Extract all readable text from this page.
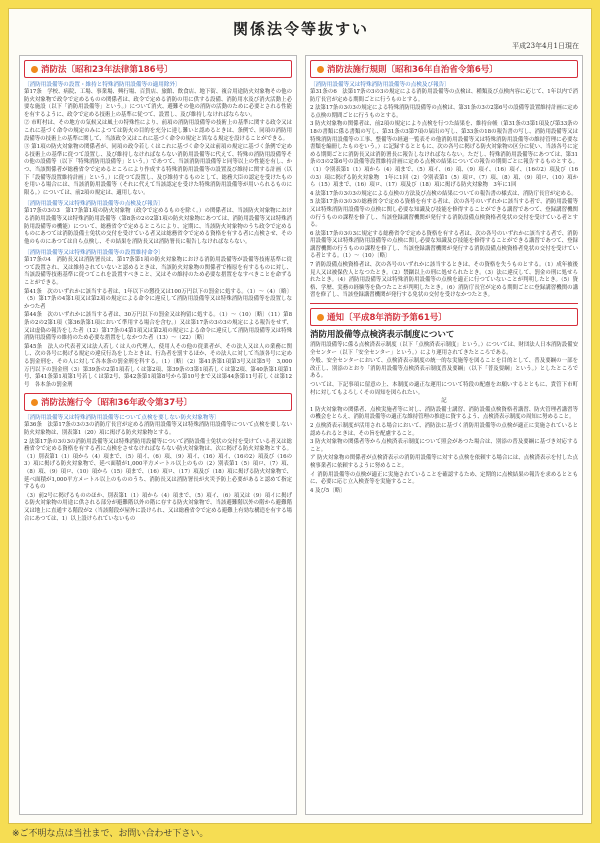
関係法令等抜すい
平成23年4月1日現在
消防法〔昭和23年法律第186号〕
〔消防用設備等の設置・維持と特殊消防用設備等の適用除外〕

第17条　学校、病院、工場、事業場、興行場、百貨店、旅館、飲食店、地下街、複合用途防火対象物その他の防火対象物で政令で定めるものの関係者は、政令で定める消防の用に供する設備、消防用水及び消火活動上必要な施設（以下「消防用設備等」という。）について消火、避難その他の消防の活動のために必要とされる性能を有するように、政令で定める技術上の基準に従つて、設置し、及び維持しなければならない。

② 市町村は、その地方の気候又は風土の特殊性により、前項の消防用設備等の技術上の基準に関する政令又はこれに基づく命令の規定のみによつては防火の目的を充分に達し難いと認めるときは、条例で、同項の消防用設備等の技術上の基準に関して、当該政令又はこれに基づく命令の規定と異なる規定を設けることができる。

③ 第1項の防火対象物の関係者が、同項の政令若しくはこれに基づく命令又は前項の規定に基づく条例で定める技術上の基準に従つて設置し、及び維持しなければならない消防用設備等に代えて、特殊の消防用設備等その他の設備等（以下「特殊消防用設備等」という。）であつて、当該消防用設備等と同等以上の性能を有し、かつ、当該関係者が総務省令で定めるところにより作成する特殊消防用設備等の設置及び維持に関する計画（以下「設備等設置維持計画」という。）に従つて設置し、及び維持するものとして、総務大臣の認定を受けたものを用いる場合には、当該消防用設備等（それに代えて当該認定を受けた特殊消防用設備等が用いられるものに限る。）については、前2項の規定は、適用しない。

〔消防用設備等又は特殊消防用設備等の点検及び報告〕

第17条の3の3　第17条第1項の防火対象物（政令で定めるものを除く。）の関係者は、当該防火対象物における消防用設備等又は特殊消防用設備等（第8条の2の2第1項の防火対象物にあつては、消防用設備等又は特殊消防用設備等の機能）について、総務省令で定めるところにより、定期に、当該防火対象物のうち政令で定めるものにあつては消防設備士免状の交付を受けている者又は総務省令で定める資格を有する者に点検させ、その他のものにあつては自ら点検し、その結果を消防長又は消防署長に報告しなければならない。

〔消防用設備等又は特殊消防用設備等の設置維持命令〕

第17条の4　消防長又は消防署長は、第17条第1項の防火対象物における消防用設備等が設備等技術基準に従つて設置され、又は維持されていないと認めるときは、当該防火対象物の関係者で権原を有するものに対し、当該設備等技術基準に従つてこれを設置すべきこと、又はその維持のため必要な措置をなすべきことを命ずることができる。

第41条　次のいずれかに該当する者は、1年以下の懲役又は100万円以下の罰金に処する。（1）〜（4）〔略〕（5）第17条の4第1項又は第2項の規定による命令に違反して消防用設備等又は特殊消防用設備等を設置しなかつた者

第44条　次のいずれかに該当する者は、30万円以下の罰金又は拘留に処する。（1）〜（10）〔略〕（11）第8条の2の2第1項（第36条第1項において準用する場合を含む。）又は第17条の3の3の規定による報告をせず、又は虚偽の報告をした者（12）第17条の4第1項又は第2項の規定による命令に違反して消防用設備等又は特殊消防用設備等の維持のため必要な措置をしなかつた者（13）〜（22）〔略〕

第45条　法人の代表者又は法人若しくは人の代理人、使用人その他の従業者が、その法人又は人の業務に関し、次の各号に掲げる規定の違反行為をしたときは、行為者を罰するほか、その法人に対して当該各号に定める罰金刑を、その人に対して各本条の罰金刑を科する。（1）〔略〕（2）第41条第1項第3号又は第5号　3,000万円以下の罰金刑（3）第39条の2第1項若しくは第2項、第39条の3第1項若しくは第2項、第40条第1項第1号、第41条第1項第1号若しくは第2号、第42条第1項第8号から第10号まで又は第44条第11号若しくは第12号　各本条の罰金刑

消防法施行令〔昭和36年政令第37号〕
〔消防用設備等又は特殊消防用設備等について点検を要しない防火対象物等〕

第36条　法第17条の3の3の消防庁長官が定める消防用設備等又は特殊消防用設備等について点検を要しない防火対象物は、別表第1（20）項に掲げる防火対象物とする。

2 法第17条の3の3の消防用設備等又は特殊消防用設備等について消防設備士免状の交付を受けている者又は総務省令で定める資格を有する者に点検をさせなければならない防火対象物は、次に掲げる防火対象物とする。（1）別表第1（1）項から（4）項まで、（5）項イ、（6）項、（9）項イ、（16）項イ、（16の2）項及び（16の3）項に掲げる防火対象物で、延べ面積が1,000平方メートル以上のもの（2）別表第1（5）項ロ、（7）項、（8）項、（9）項ロ、（10）項から（15）項まで、（16）項ロ、（17）項及び（18）項に掲げる防火対象物で、延べ面積が1,000平方メートル以上のもののうち、消防長又は消防署長が火災予防上必要があると認めて指定するもの

（3）前2号に掲げるもののほか、別表第1（1）項から（4）項まで、（5）項イ、（6）項又は（9）項イに掲げる防火対象物の用途に供される部分が避難階以外の階に存する防火対象物で、当該避難階以外の階から避難階又は地上に直通する階段が2（当該階段が屋外に設けられ、又は総務省令で定める避難上有効な構造を有する場合にあつては、1）以上設けられていないもの

消防法施行規則〔昭和36年自治省令第6号〕
〔消防用設備等又は特殊消防用設備等の点検及び報告〕

第31条の6　法第17条の3の3の規定による消防用設備等の点検は、種類及び点検内容に応じて、1年以内で消防庁長官が定める期間ごとに行うものとする。

2 法第17条の3の3の規定による特殊消防用設備等の点検は、第31条の3の2第6号の設備等設置維持計画に定める点検の期間ごとに行うものとする。

3 防火対象物の関係者は、前2項の規定により点検を行つた結果を、維持台帳（第31条の3第1項及び第33条の18の書類に係る書類の写し、第31条の3第7項の届出の写し、第33条の18の報告書の写し、消防用設備等又は特殊消防用設備等の工事、整備等の経過一覧表その他消防用設備等又は特殊消防用設備等の維持管理に必要な書類を編冊したものをいう。）に記録するとともに、次の各号に掲げる防火対象物の区分に従い、当該各号に定める期間ごとに消防長又は消防署長に報告しなければならない。ただし、特殊消防用設備等にあつては、第31条の3の2第6号の設備等設置維持計画に定める点検の結果についての報告の期間ごとに報告するものとする。（1）令別表第1（1）項から（4）項まで、（5）項イ、（6）項、（9）項イ、（16）項イ、（16の2）項及び（16の3）項に掲げる防火対象物　1年に1回（2）令別表第1（5）項ロ、（7）項、（8）項、（9）項ロ、（10）項から（15）項まで、（16）項ロ、（17）項及び（18）項に掲げる防火対象物　3年に1回

4 法第17条の3の3の規定による点検の方法及び点検の結果についての報告書の様式は、消防庁長官が定める。

5 法第17条の3の3の総務省令で定める資格を有する者は、次の各号のいずれかに該当する者で、消防用設備等又は特殊消防用設備等の点検に関し必要な知識及び技能を修得することができる講習であつて、登録講習機関の行うものの課程を修了し、当該登録講習機関が発行する消防設備点検資格者免状の交付を受けている者とする。

6 法第17条の3の3に規定する総務省令で定める資格を有する者は、次の各号のいずれかに該当する者で、消防用設備等又は特殊消防用設備等の点検に関し必要な知識及び技能を修得することができる講習であつて、登録講習機関の行うものの課程を修了し、当該登録講習機関が発行する消防設備点検資格者免状の交付を受けている者とする。（1）〜（10）〔略〕

7 消防設備点検資格者は、次の各号のいずれかに該当するときは、その資格を失うものとする。（1）成年被後見人又は被保佐人となつたとき。（2）禁錮以上の刑に処せられたとき。（3）法に違反して、罰金の刑に処せられたとき。（4）消防用設備等又は特殊消防用設備等の点検を適正に行つていないことが判明したとき。（5）資格、学歴、実務の経験等を偽つたことが判明したとき。（6）消防庁長官が定める期間ごとに登録講習機関の講習を修了し、当該登録講習機関が発行する免状の交付を受けなかつたとき。

通知〔平成8年消防予第61号〕
消防用設備等点検済表示制度について

消防用設備等に係る点検済表示制度（以下「点検済表示制度」という。）については、財団法人日本消防設備安全センター（以下「安全センター」という。）により運用されてきたところである。

今般、安全センターにおいて、点検済表示制度の統一的な実施等を図ることを目的として、普及要綱の一部を改正し、別添のとおり「消防用設備等点検済表示制度普及要綱」（以下「普及要綱」という。）としたところである。

ついては、下記事項に留意の上、本制度の適正な運用について特段の配慮をお願いするとともに、貴管下市町村に対してもよろしくその周知を図られたい。

記

1 防火対象物の関係者、点検実施者等に対し、消防設備士講習、消防設備点検資格者講習、防火管理者講習等の機会をとらえ、消防用設備等の適正な維持管理の推進に資するよう、点検済表示制度の周知に努めること。

2 点検済表示制度が活用される場合において、消防法に基づく消防用設備等の点検が適正に実施されていると認められるときは、その旨を配慮すること。

3 防火対象物の関係者等から点検済表示制度について照会があつた場合は、別添の普及要綱に基づき対応すること。

ア 防火対象物の関係者が点検済表示の消防用設備等に対する点検を依頼する場合には、点検済表示を付した点検事業者に依頼するように努めること。

イ 消防用設備等の点検が適正に実施されていることを確認するため、定期的に点検結果の報告を求めるとともに、必要に応じ立入検査等を実施すること。

4 及び5〔略〕

※ご不明な点は当社まで、お問い合わせ下さい。
